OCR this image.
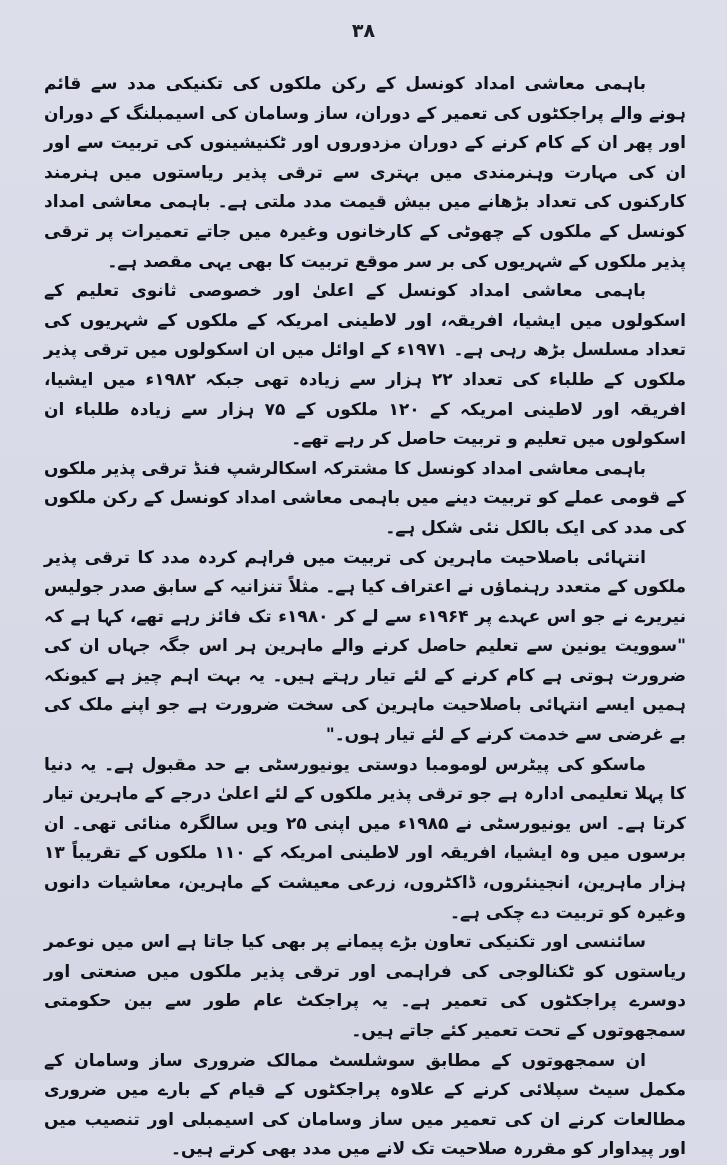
۳۸

باہمی معاشی امداد کونسل کے رکن ملکوں کی تکنیکی مدد سے قائم ہونے والے پراجکٹوں کی تعمیر کے دوران، ساز وسامان کی اسیمبلنگ کے دوران اور پھر ان کے کام کرنے کے دوران مزدوروں اور ٹکنیشینوں کی تربیت سے اور ان کی مہارت وہنرمندی میں بہتری سے ترقی پذیر ریاستوں میں ہنرمند کارکنوں کی تعداد بڑھانے میں بیش قیمت مدد ملتی ہے۔ باہمی معاشی امداد کونسل کے ملکوں کے چھوٹی کے کارخانوں وغیرہ میں جاتے تعمیرات پر ترقی پذیر ملکوں کے شہریوں کی بر سر موقع تربیت کا بھی یہی مقصد ہے۔

باہمی معاشی امداد کونسل کے اعلیٰ اور خصوصی ثانوی تعلیم کے اسکولوں میں ایشیا، افریقہ، اور لاطینی امریکہ کے ملکوں کے شہریوں کی تعداد مسلسل بڑھ رہی ہے۔ ۱۹۷۱ء کے اوائل میں ان اسکولوں میں ترقی پذیر ملکوں کے طلباء کی تعداد ۲۲ ہزار سے زیادہ تھی جبکہ ۱۹۸۲ء میں ایشیا، افریقہ اور لاطینی امریکہ کے ۱۲۰ ملکوں کے ۷۵ ہزار سے زیادہ طلباء ان اسکولوں میں تعلیم و تربیت حاصل کر رہے تھے۔

باہمی معاشی امداد کونسل کا مشترکہ اسکالرشپ فنڈ ترقی پذیر ملکوں کے قومی عملے کو تربیت دینے میں باہمی معاشی امداد کونسل کے رکن ملکوں کی مدد کی ایک بالکل نئی شکل ہے۔

انتہائی باصلاحیت ماہرین کی تربیت میں فراہم کردہ مدد کا ترقی پذیر ملکوں کے متعدد رہنماؤں نے اعتراف کیا ہے۔ مثلاً تنزانیہ کے سابق صدر جولیس نیریرے نے جو اس عہدے پر ۱۹۶۴ء سے لے کر ۱۹۸۰ء تک فائز رہے تھے، کہا ہے کہ "سوویت یونین سے تعلیم حاصل کرنے والے ماہرین ہر اس جگہ جہاں ان کی ضرورت ہوتی ہے کام کرنے کے لئے تیار رہتے ہیں۔ یہ بہت اہم چیز ہے کیونکہ ہمیں ایسے انتہائی باصلاحیت ماہرین کی سخت ضرورت ہے جو اپنے ملک کی بے غرضی سے خدمت کرنے کے لئے تیار ہوں۔"

ماسکو کی پیٹرس لومومبا دوستی یونیورسٹی بے حد مقبول ہے۔ یہ دنیا کا پہلا تعلیمی ادارہ ہے جو ترقی پذیر ملکوں کے لئے اعلیٰ درجے کے ماہرین تیار کرتا ہے۔ اس یونیورسٹی نے ۱۹۸۵ء میں اپنی ۲۵ ویں سالگرہ منائی تھی۔ ان برسوں میں وہ ایشیا، افریقہ اور لاطینی امریکہ کے ۱۱۰ ملکوں کے تقریباً ۱۳ ہزار ماہرین، انجینئروں، ڈاکٹروں، زرعی معیشت کے ماہرین، معاشیات دانوں وغیرہ کو تربیت دے چکی ہے۔

سائنسی اور تکنیکی تعاون بڑے پیمانے پر بھی کیا جاتا ہے اس میں نوعمر ریاستوں کو ٹکنالوجی کی فراہمی اور ترقی پذیر ملکوں میں صنعتی اور دوسرے پراجکٹوں کی تعمیر ہے۔ یہ پراجکٹ عام طور سے بین حکومتی سمجھوتوں کے تحت تعمیر کئے جاتے ہیں۔

ان سمجھوتوں کے مطابق سوشلسٹ ممالک ضروری ساز وسامان کے مکمل سیٹ سپلائی کرنے کے علاوہ پراجکٹوں کے قیام کے بارے میں ضروری مطالعات کرنے ان کی تعمیر میں ساز وسامان کی اسیمبلی اور تنصیب میں اور پیداوار کو مقررہ صلاحیت تک لانے میں مدد بھی کرتے ہیں۔
